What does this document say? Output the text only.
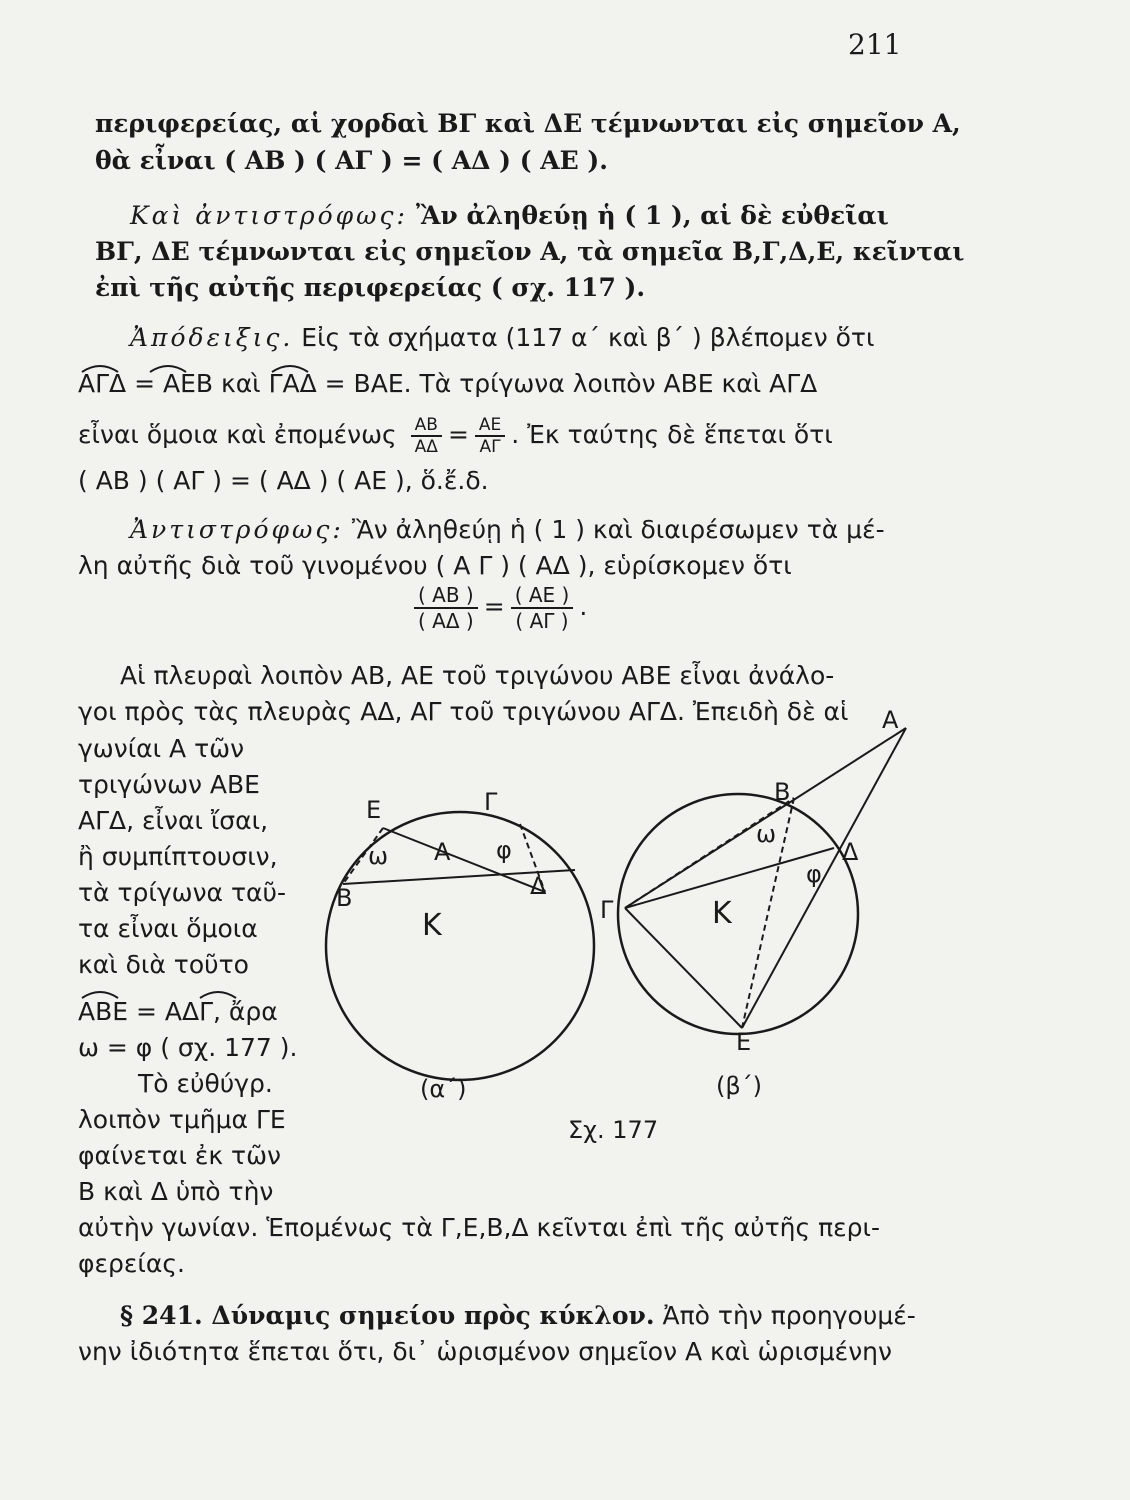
211
περιφερείας, αἱ χορδαὶ ΒΓ καὶ ΔΕ τέμνωνται εἰς σημεῖον Α,
θὰ εἶναι ( ΑΒ ) ( ΑΓ ) = ( ΑΔ ) ( ΑΕ ).
Καὶ ἀντιστρόφως: Ἂν ἀληθεύῃ ἡ ( 1 ), αἱ δὲ εὐθεῖαι
ΒΓ, ΔΕ τέμνωνται εἰς σημεῖον Α, τὰ σημεῖα Β,Γ,Δ,Ε, κεῖνται
ἐπὶ τῆς αὐτῆς περιφερείας ( σχ. 117 ).
Ἀπόδειξις. Εἰς τὰ σχήματα (117 α΄ καὶ β΄ ) βλέπομεν ὅτι
ΑΓΔ = ΑΕΒ καὶ ΓΑΔ = ΒΑΕ. Τὰ τρίγωνα λοιπὸν ΑΒΕ καὶ ΑΓΔ
εἶναι ὅμοια καὶ ἐπομένως $\frac{AB}{A\Delta} = \frac{AE}{A\Gamma}$ . Ἐκ ταύτης δὲ ἕπεται ὅτι
( ΑΒ ) ( ΑΓ ) = ( ΑΔ ) ( ΑΕ ), ὅ.ἔ.δ.
Ἀντιστρόφως: Ἂν ἀληθεύῃ ἡ ( 1 ) καὶ διαιρέσωμεν τὰ μέ-
λη αὐτῆς διὰ τοῦ γινομένου ( Α Γ ) ( ΑΔ ), εὑρίσκομεν ὅτι
$\frac{( AB )}{( A\Delta )} = \frac{( AE )}{( A\Gamma )}$ .
Αἱ πλευραὶ λοιπὸν ΑΒ, ΑΕ τοῦ τριγώνου ΑΒΕ εἶναι ἀνάλο-
γοι πρὸς τὰς πλευρὰς ΑΔ, ΑΓ τοῦ τριγώνου ΑΓΔ. Ἐπειδὴ δὲ αἱ
γωνίαι Α τῶν
τριγώνων ΑΒΕ
ΑΓΔ, εἶναι ἴσαι,
ἢ συμπίπτουσιν,
τὰ τρίγωνα ταῦ-
τα εἶναι ὅμοια
καὶ διὰ τοῦτο
ΑΒΕ = ΑΔΓ, ἄρα
ω = φ ( σχ. 177 ).
Τὸ εὐθύγρ.
λοιπὸν τμῆμα ΓΕ
φαίνεται ἐκ τῶν
Β καὶ Δ ὑπὸ τὴν
αὐτὴν γωνίαν. Ἑπομένως τὰ Γ,Ε,Β,Δ κεῖνται ἐπὶ τῆς αὐτῆς περι-
φερείας.
§ 241. Δύναμις σημείου πρὸς κύκλον. Ἀπὸ τὴν προηγουμέ-
νην ἰδιότητα ἕπεται ὅτι, δι᾽ ὡρισμένον σημεῖον Α καὶ ὡρισμένην
Ε	Γ
ω Α φ
Δ
Β
Κ
(α΄)
Α
Β
ω
Δ
φ
Γ	Κ
Ε
(β΄)
Σχ. 177
